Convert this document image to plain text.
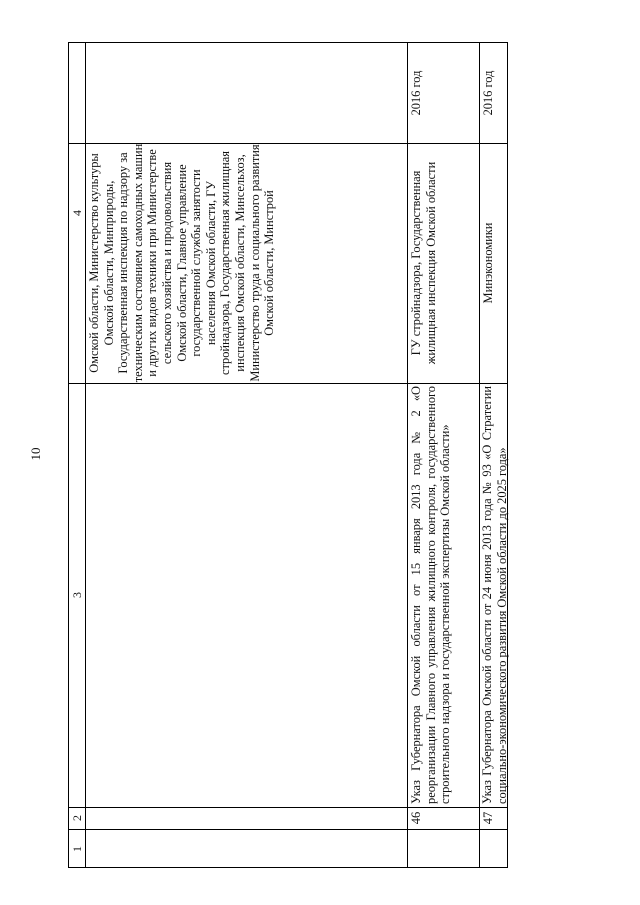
10
4
3
2
1
Омской области, Министерство культуры Омской области, Минприроды, Государственная инспекция по надзору за техническим состоянием самоходных машин и других видов техники при Министерстве сельского хозяйства и продовольствия Омской области, Главное управление государственной службы занятости населения Омской области, ГУ стройнадзора, Государственная жилищная инспекция Омской области, Минсельхоз, Министерство труда и социального развития Омской области, Минстрой
2016 год
ГУ стройнадзора, Государственная жилищная инспекция Омской области
Указ Губернатора Омской области от 15 января 2013 года № 2 «О реорганизации Главного управления жилищного контроля, государственного строительного надзора и государственной экспертизы Омской области»
46
2016 год
Минэкономики
Указ Губернатора Омской области от 24 июня 2013 года № 93 «О Стратегии социально-экономического развития Омской области до 2025 года»
47
